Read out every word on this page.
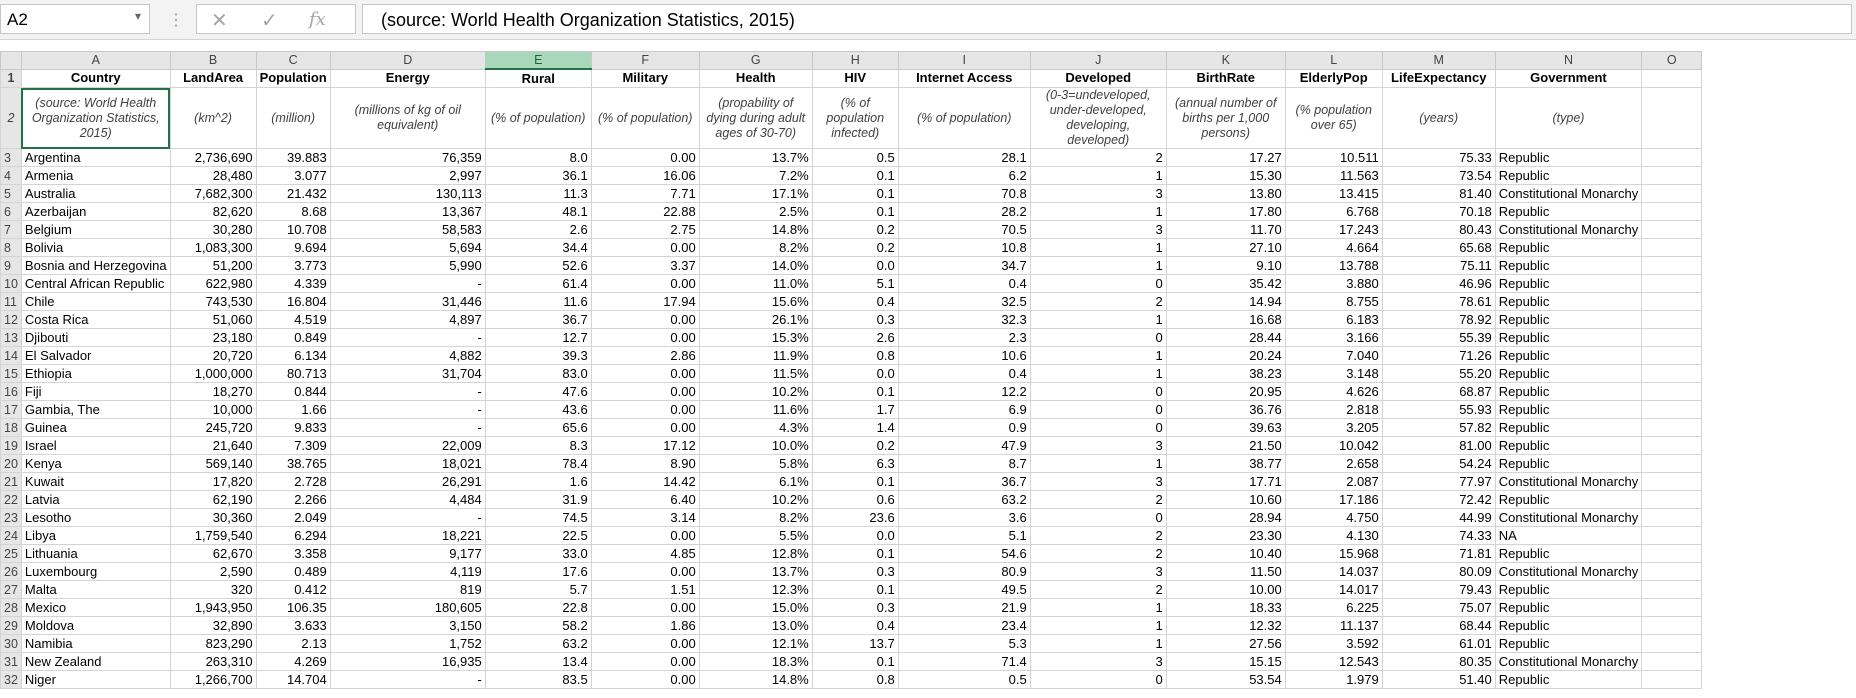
A2	▾ ⋮ ✕ ✓ fx	(source: World Health Organization Statistics, 2015)
	A	B	C	D	E	F	G	H	I	J	K	L	M	N	O
1	Country	LandArea	Population	Energy	Rural	Military	Health	HIV	Internet Access	Developed	BirthRate	ElderlyPop	LifeExpectancy	Government	
2	(source: World Health Organization Statistics, 2015)	(km^2)	(million)	(millions of kg of oil equivalent)	(% of population)	(% of population)	(propability of dying during adult ages of 30-70)	(% of population infected)	(% of population)	(0-3=undeveloped, under-developed, developing, developed)	(annual number of births per 1,000 persons)	(% population over 65)	(years)	(type)	
3	Argentina	2,736,690	39.883	76,359	8.0	0.00	13.7%	0.5	28.1	2	17.27	10.511	75.33	Republic	
4	Armenia	28,480	3.077	2,997	36.1	16.06	7.2%	0.1	6.2	1	15.30	11.563	73.54	Republic	
5	Australia	7,682,300	21.432	130,113	11.3	7.71	17.1%	0.1	70.8	3	13.80	13.415	81.40	Constitutional Monarchy	
6	Azerbaijan	82,620	8.68	13,367	48.1	22.88	2.5%	0.1	28.2	1	17.80	6.768	70.18	Republic	
7	Belgium	30,280	10.708	58,583	2.6	2.75	14.8%	0.2	70.5	3	11.70	17.243	80.43	Constitutional Monarchy	
8	Bolivia	1,083,300	9.694	5,694	34.4	0.00	8.2%	0.2	10.8	1	27.10	4.664	65.68	Republic	
9	Bosnia and Herzegovina	51,200	3.773	5,990	52.6	3.37	14.0%	0.0	34.7	1	9.10	13.788	75.11	Republic	
10	Central African Republic	622,980	4.339	-	61.4	0.00	11.0%	5.1	0.4	0	35.42	3.880	46.96	Republic	
11	Chile	743,530	16.804	31,446	11.6	17.94	15.6%	0.4	32.5	2	14.94	8.755	78.61	Republic	
12	Costa Rica	51,060	4.519	4,897	36.7	0.00	26.1%	0.3	32.3	1	16.68	6.183	78.92	Republic	
13	Djibouti	23,180	0.849	-	12.7	0.00	15.3%	2.6	2.3	0	28.44	3.166	55.39	Republic	
14	El Salvador	20,720	6.134	4,882	39.3	2.86	11.9%	0.8	10.6	1	20.24	7.040	71.26	Republic	
15	Ethiopia	1,000,000	80.713	31,704	83.0	0.00	11.5%	0.0	0.4	1	38.23	3.148	55.20	Republic	
16	Fiji	18,270	0.844	-	47.6	0.00	10.2%	0.1	12.2	0	20.95	4.626	68.87	Republic	
17	Gambia, The	10,000	1.66	-	43.6	0.00	11.6%	1.7	6.9	0	36.76	2.818	55.93	Republic	
18	Guinea	245,720	9.833	-	65.6	0.00	4.3%	1.4	0.9	0	39.63	3.205	57.82	Republic	
19	Israel	21,640	7.309	22,009	8.3	17.12	10.0%	0.2	47.9	3	21.50	10.042	81.00	Republic	
20	Kenya	569,140	38.765	18,021	78.4	8.90	5.8%	6.3	8.7	1	38.77	2.658	54.24	Republic	
21	Kuwait	17,820	2.728	26,291	1.6	14.42	6.1%	0.1	36.7	3	17.71	2.087	77.97	Constitutional Monarchy	
22	Latvia	62,190	2.266	4,484	31.9	6.40	10.2%	0.6	63.2	2	10.60	17.186	72.42	Republic	
23	Lesotho	30,360	2.049	-	74.5	3.14	8.2%	23.6	3.6	0	28.94	4.750	44.99	Constitutional Monarchy	
24	Libya	1,759,540	6.294	18,221	22.5	0.00	5.5%	0.0	5.1	2	23.30	4.130	74.33	NA	
25	Lithuania	62,670	3.358	9,177	33.0	4.85	12.8%	0.1	54.6	2	10.40	15.968	71.81	Republic	
26	Luxembourg	2,590	0.489	4,119	17.6	0.00	13.7%	0.3	80.9	3	11.50	14.037	80.09	Constitutional Monarchy	
27	Malta	320	0.412	819	5.7	1.51	12.3%	0.1	49.5	2	10.00	14.017	79.43	Republic	
28	Mexico	1,943,950	106.35	180,605	22.8	0.00	15.0%	0.3	21.9	1	18.33	6.225	75.07	Republic	
29	Moldova	32,890	3.633	3,150	58.2	1.86	13.0%	0.4	23.4	1	12.32	11.137	68.44	Republic	
30	Namibia	823,290	2.13	1,752	63.2	0.00	12.1%	13.7	5.3	1	27.56	3.592	61.01	Republic	
31	New Zealand	263,310	4.269	16,935	13.4	0.00	18.3%	0.1	71.4	3	15.15	12.543	80.35	Constitutional Monarchy	
32	Niger	1,266,700	14.704	-	83.5	0.00	14.8%	0.8	0.5	0	53.54	1.979	51.40	Republic	
